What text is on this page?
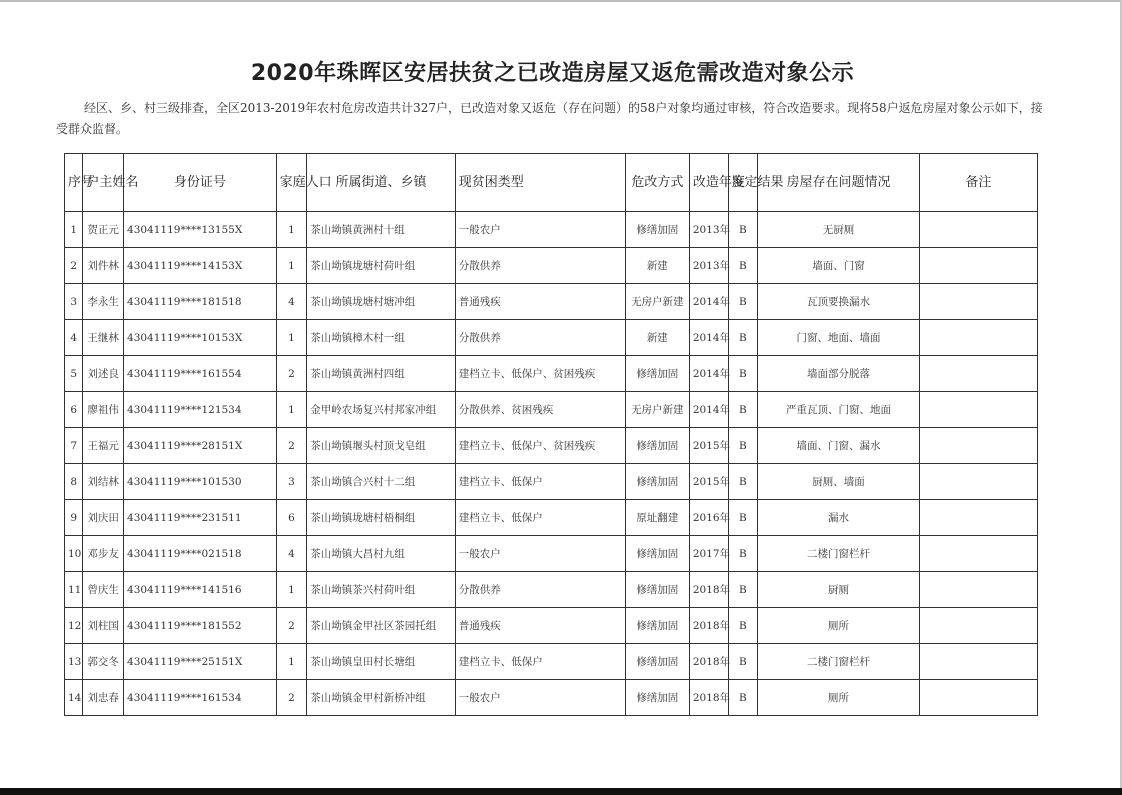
2020年珠晖区安居扶贫之已改造房屋又返危需改造对象公示

经区、乡、村三级排查，全区2013-2019年农村危房改造共计327户，已改造对象又返危（存在问题）的58户对象均通过审核，符合改造要求。现将58户返危房屋对象公示如下，接受群众监督。

序号	户主姓名	身份证号	家庭人口	所属街道、乡镇	现贫困类型	危改方式	改造年度	鉴定结果	房屋存在问题情况	备注
1	贺正元	43041119****13155X	1	茶山坳镇黄洲村十组	一般农户	修缮加固	2013年	B	无厨厕	
2	刘件林	43041119****14153X	1	茶山坳镇垅塘村荷叶组	分散供养	新建	2013年	B	墙面、门窗	
3	李永生	43041119****181518	4	茶山坳镇垅塘村塘冲组	普通残疾	无房户新建	2014年	B	瓦顶要换漏水	
4	王继林	43041119****10153X	1	茶山坳镇樟木村一组	分散供养	新建	2014年	B	门窗、地面、墙面	
5	刘述良	43041119****161554	2	茶山坳镇黄洲村四组	建档立卡、低保户、贫困残疾	修缮加固	2014年	B	墙面部分脱落	
6	廖祖伟	43041119****121534	1	金甲岭农场复兴村邦家冲组	分散供养、贫困残疾	无房户新建	2014年	B	严重瓦顶、门窗、地面	
7	王福元	43041119****28151X	2	茶山坳镇堰头村顶戈皂组	建档立卡、低保户、贫困残疾	修缮加固	2015年	B	墙面、门窗、漏水	
8	刘结林	43041119****101530	3	茶山坳镇合兴村十二组	建档立卡、低保户	修缮加固	2015年	B	厨厕、墙面	
9	刘庆田	43041119****231511	6	茶山坳镇垅塘村梧桐组	建档立卡、低保户	原址翻建	2016年	B	漏水	
10	邓步友	43041119****021518	4	茶山坳镇大昌村九组	一般农户	修缮加固	2017年	B	二楼门窗栏杆	
11	曾庆生	43041119****141516	1	茶山坳镇茶兴村荷叶组	分散供养	修缮加固	2018年	B	厨厕	
12	刘柱国	43041119****181552	2	茶山坳镇金甲社区茶园托组	普通残疾	修缮加固	2018年	B	厕所	
13	郭交冬	43041119****25151X	1	茶山坳镇皇田村长塘组	建档立卡、低保户	修缮加固	2018年	B	二楼门窗栏杆	
14	刘忠春	43041119****161534	2	茶山坳镇金甲村新桥冲组	一般农户	修缮加固	2018年	B	厕所	
